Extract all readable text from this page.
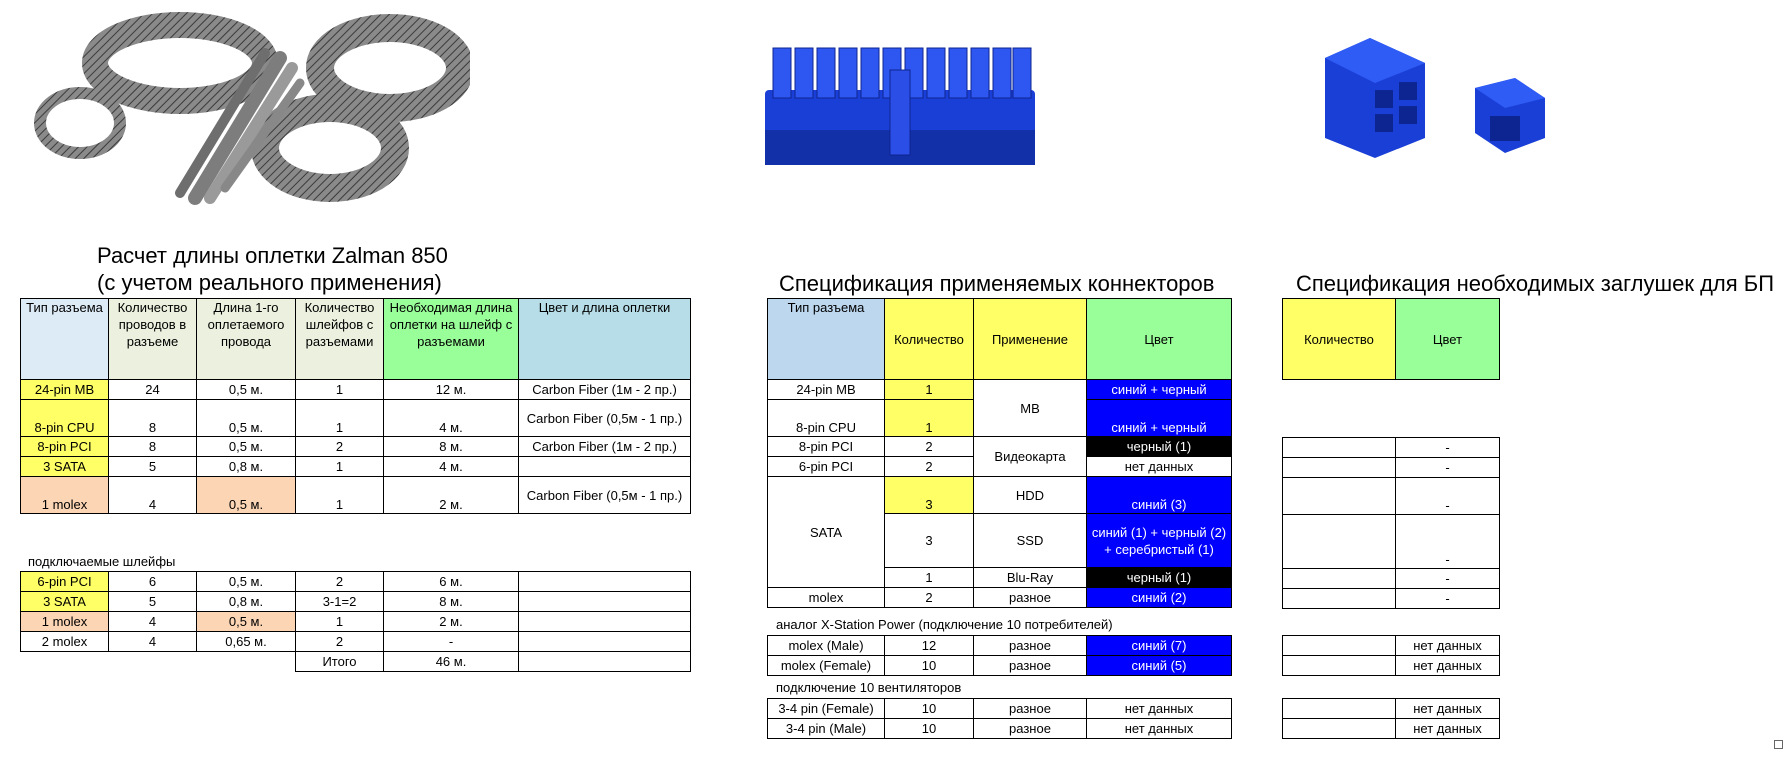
Расчет длины оплетки Zalman 850
(с учетом реального применения)
Тип разъема	Количество проводов в разъеме	Длина 1-го оплетаемого провода	Количество шлейфов с разъемами	Необходимая длина оплетки на шлейф с разъемами	Цвет и длина оплетки
24-pin MB	24	0,5 м.	1	12 м.	Carbon Fiber (1м - 2 пр.)
8-pin CPU	8	0,5 м.	1	4 м.	Carbon Fiber (0,5м - 1 пр.)
8-pin PCI	8	0,5 м.	2	8 м.	Carbon Fiber (1м - 2 пр.)
3 SATA	5	0,8 м.	1	4 м.	
1 molex	4	0,5 м.	1	2 м.	Carbon Fiber (0,5м - 1 пр.)
подключаемые шлейфы
6-pin PCI	6	0,5 м.	2	6 м.	
3 SATA	5	0,8 м.	3-1=2	8 м.	
1 molex	4	0,5 м.	1	2 м.	
2 molex	4	0,65 м.	2	-	
			Итого	46 м.	
Спецификация применяемых коннекторов
Тип разъема	Количество	Применение	Цвет
24-pin MB	1	MB	синий + черный
8-pin CPU	1		синий + черный
8-pin PCI	2	Видеокарта	черный (1)
6-pin PCI	2		нет данных
SATA	3	HDD	синий (3)
	3	SSD	синий (1) + черный (2) + серебристый (1)
	1	Blu-Ray	черный (1)
molex	2	разное	синий (2)
аналог X-Station Power (подключение 10 потребителей)
molex (Male)	12	разное	синий (7)
molex (Female)	10	разное	синий (5)
подключение 10 вентиляторов
3-4 pin (Female)	10	разное	нет данных
3-4 pin (Male)	10	разное	нет данных
Спецификация необходимых заглушек для БП
Количество	Цвет
	-
	-
	-
	-
	-
	-
	нет данных
	нет данных
	нет данных
	нет данных
